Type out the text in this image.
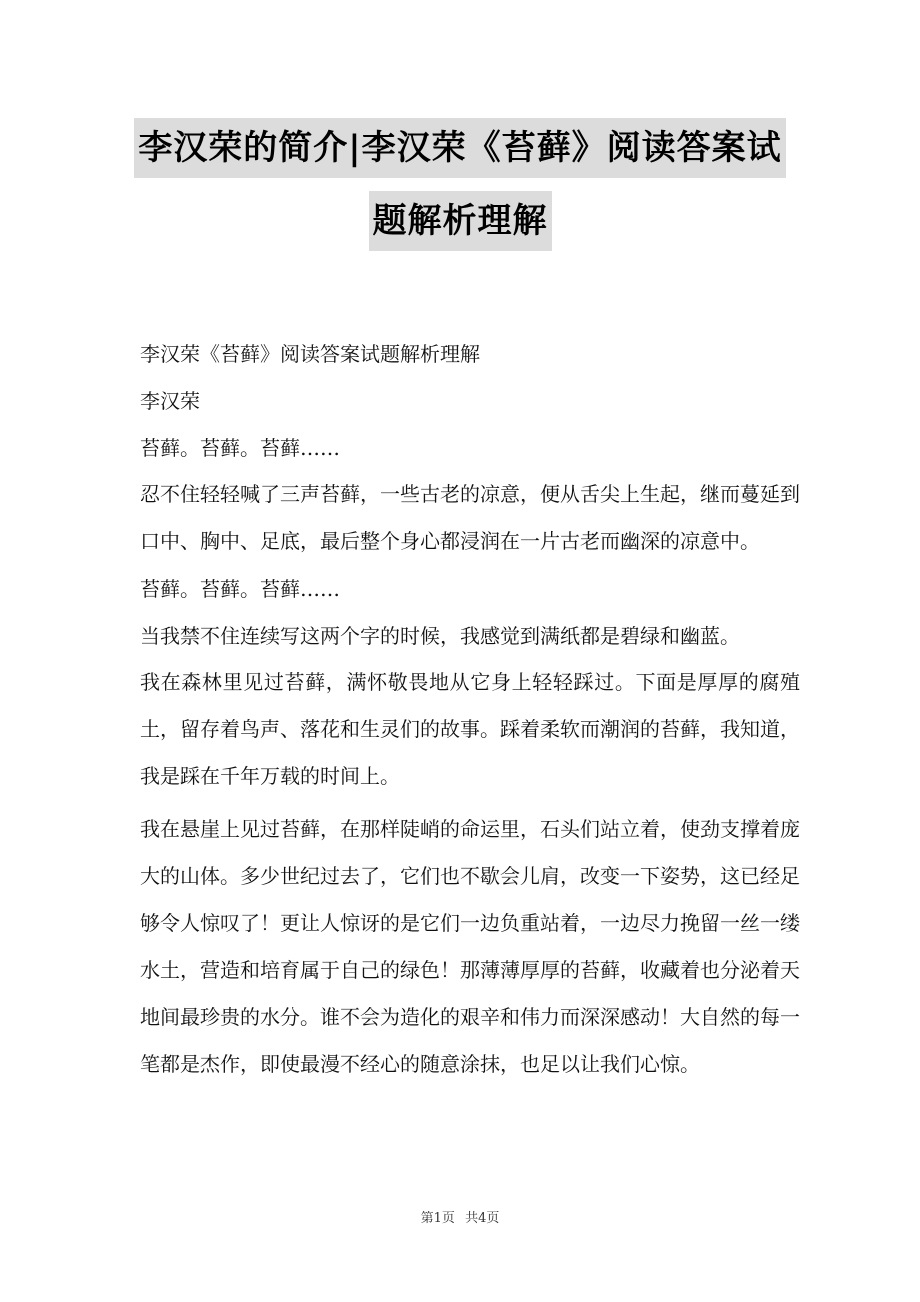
李汉荣的简介|李汉荣《苔藓》阅读答案试
题解析理解

李汉荣《苔藓》阅读答案试题解析理解

李汉荣

苔藓。苔藓。苔藓……

忍不住轻轻喊了三声苔藓，一些古老的凉意，便从舌尖上生起，继而蔓延到口中、胸中、足底，最后整个身心都浸润在一片古老而幽深的凉意中。

苔藓。苔藓。苔藓……

当我禁不住连续写这两个字的时候，我感觉到满纸都是碧绿和幽蓝。

我在森林里见过苔藓，满怀敬畏地从它身上轻轻踩过。下面是厚厚的腐殖土，留存着鸟声、落花和生灵们的故事。踩着柔软而潮润的苔藓，我知道，我是踩在千年万载的时间上。

我在悬崖上见过苔藓，在那样陡峭的命运里，石头们站立着，使劲支撑着庞大的山体。多少世纪过去了，它们也不歇会儿肩，改变一下姿势，这已经足够令人惊叹了！更让人惊讶的是它们一边负重站着，一边尽力挽留一丝一缕水土，营造和培育属于自己的绿色！那薄薄厚厚的苔藓，收藏着也分泌着天地间最珍贵的水分。谁不会为造化的艰辛和伟力而深深感动！大自然的每一笔都是杰作，即使最漫不经心的随意涂抹，也足以让我们心惊。

第1页 共4页
